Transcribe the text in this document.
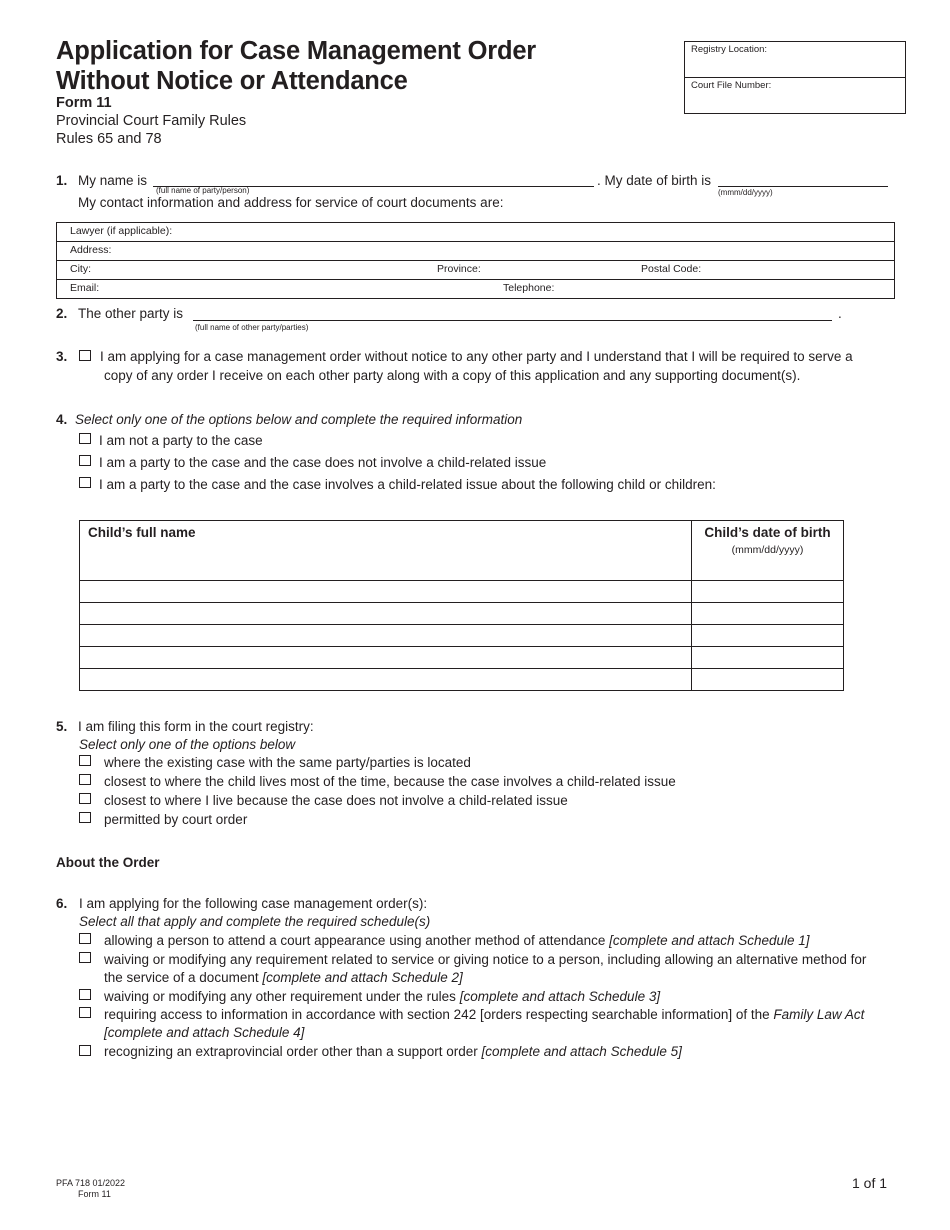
Application for Case Management Order
Without Notice or Attendance
Form 11
Provincial Court Family Rules
Rules 65 and 78
Registry Location:
Court File Number:
1. My name is
(full name of party/person)
. My date of birth is
(mmm/dd/yyyy)
My contact information and address for service of court documents are:
Lawyer (if applicable):
Address:
City:	Province:	Postal Code:
Email:	Telephone:
2. The other party is	.
(full name of other party/parties)
3. I am applying for a case management order without notice to any other party and I understand that I will be required to serve a
copy of any order I receive on each other party along with a copy of this application and any supporting document(s).
4. Select only one of the options below and complete the required information
I am not a party to the case
I am a party to the case and the case does not involve a child-related issue
I am a party to the case and the case involves a child-related issue about the following child or children:
Child’s full name	Child’s date of birth
(mmm/dd/yyyy)

5. I am filing this form in the court registry:
Select only one of the options below
where the existing case with the same party/parties is located
closest to where the child lives most of the time, because the case involves a child-related issue
closest to where I live because the case does not involve a child-related issue
permitted by court order
About the Order
6. I am applying for the following case management order(s):
Select all that apply and complete the required schedule(s)
allowing a person to attend a court appearance using another method of attendance [complete and attach Schedule 1]
waiving or modifying any requirement related to service or giving notice to a person, including allowing an alternative method for
the service of a document [complete and attach Schedule 2]
waiving or modifying any other requirement under the rules [complete and attach Schedule 3]
requiring access to information in accordance with section 242 [orders respecting searchable information] of the Family Law Act
[complete and attach Schedule 4]
recognizing an extraprovincial order other than a support order [complete and attach Schedule 5]
PFA 718 01/2022
Form 11
1 of 1
